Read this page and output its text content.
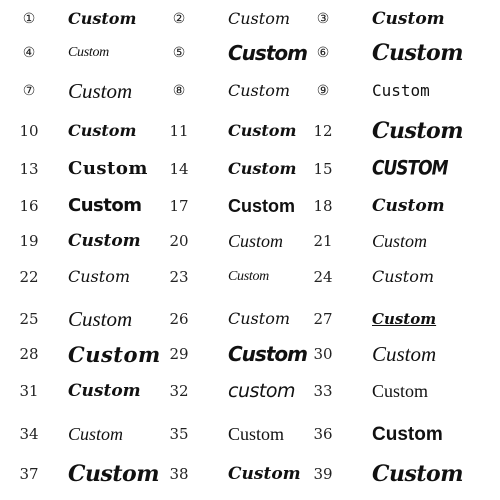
①	Custom	②	Custom	③	Custom
④	Custom	⑤	Custom ⑥	Custom
⑦	Custom	⑧	Custom	⑨	Custom
10	Custom	11	Custom	12	Custom
13	Custom	14	Custom	15	CUSTOM
16	Custom	17	Custom	18	Custom
19	Custom	20	Custom	21	Custom
22	Custom	23	Custom	24	Custom
25	Custom	26	Custom	27	Custom
28	Custom 29	Custom 30	Custom
31	Custom	32	custom	33	Custom
34	Custom	35	Custom	36	Custom
37	Custom 38	Custom 39	Custom
